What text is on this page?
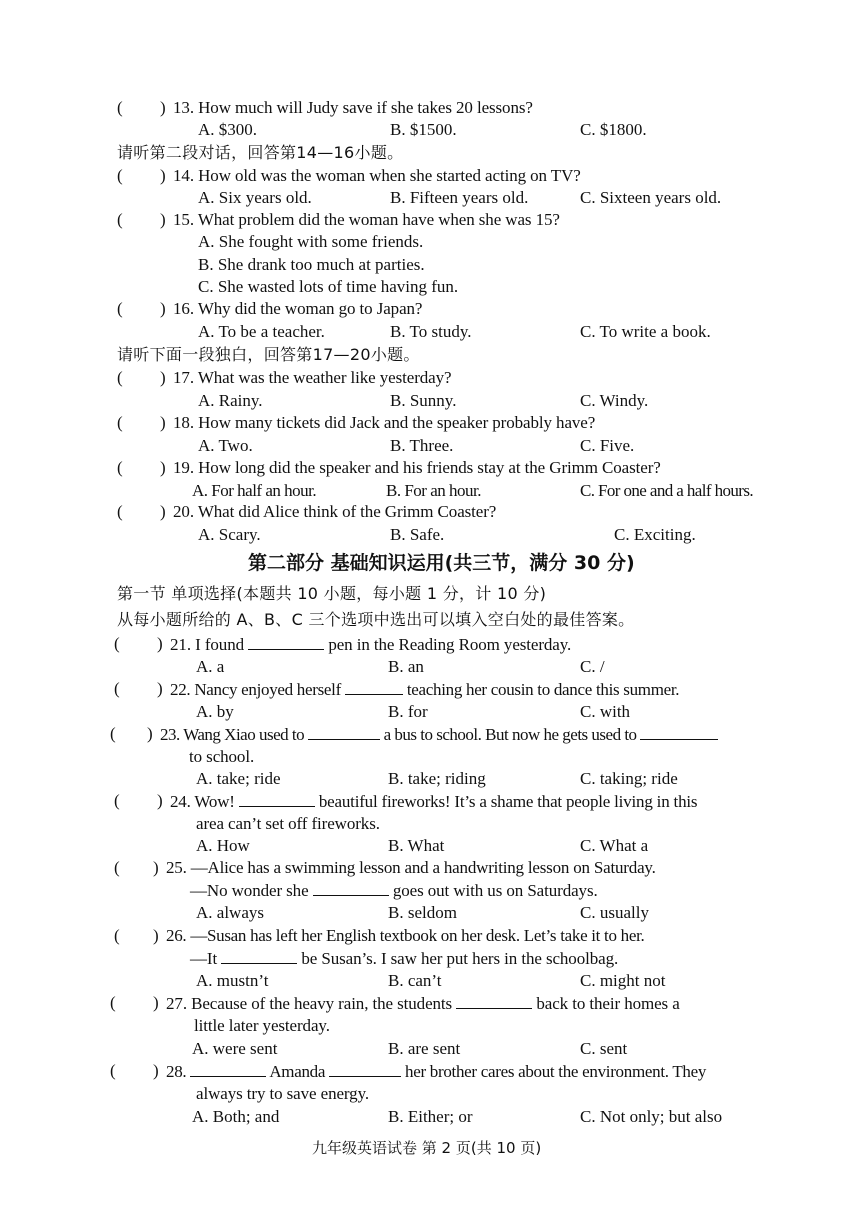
( ) 13. How much will Judy save if she takes 20 lessons?
A. $300.	B. $1500.	C. $1800.
请听第二段对话，回答第14—16小题。
( ) 14. How old was the woman when she started acting on TV?
A. Six years old.	B. Fifteen years old.	C. Sixteen years old.
( ) 15. What problem did the woman have when she was 15?
A. She fought with some friends.
B. She drank too much at parties.
C. She wasted lots of time having fun.
( ) 16. Why did the woman go to Japan?
A. To be a teacher.	B. To study.	C. To write a book.
请听下面一段独白，回答第17—20小题。
( ) 17. What was the weather like yesterday?
A. Rainy.	B. Sunny.	C. Windy.
( ) 18. How many tickets did Jack and the speaker probably have?
A. Two.	B. Three.	C. Five.
( ) 19. How long did the speaker and his friends stay at the Grimm Coaster?
A. For half an hour.	B. For an hour.	C. For one and a half hours.
( ) 20. What did Alice think of the Grimm Coaster?
A. Scary.	B. Safe.	C. Exciting.
第二部分 基础知识运用(共三节，满分 30 分)
第一节 单项选择(本题共 10 小题，每小题 1 分，计 10 分)
从每小题所给的 A、B、C 三个选项中选出可以填入空白处的最佳答案。
( ) 21. I found	pen in the Reading Room yesterday.
A. a	B. an	C. /
( ) 22. Nancy enjoyed herself	teaching her cousin to dance this summer.
A. by	B. for	C. with
( ) 23. Wang Xiao used to	a bus to school. But now he gets used to
to school.
A. take; ride	B. take; riding	C. taking; ride
( ) 24. Wow!	beautiful fireworks! It’s a shame that people living in this
area can’t set off fireworks.
A. How	B. What	C. What a
( ) 25. —Alice has a swimming lesson and a handwriting lesson on Saturday.
—No wonder she	goes out with us on Saturdays.
A. always	B. seldom	C. usually
( ) 26. —Susan has left her English textbook on her desk. Let’s take it to her.
—It	be Susan’s. I saw her put hers in the schoolbag.
A. mustn’t	B. can’t	C. might not
( ) 27. Because of the heavy rain, the students	back to their homes a
little later yesterday.
A. were sent	B. are sent	C. sent
( ) 28.	Amanda	her brother cares about the environment. They
always try to save energy.
A. Both; and	B. Either; or	C. Not only; but also
九年级英语试卷 第 2 页(共 10 页)
